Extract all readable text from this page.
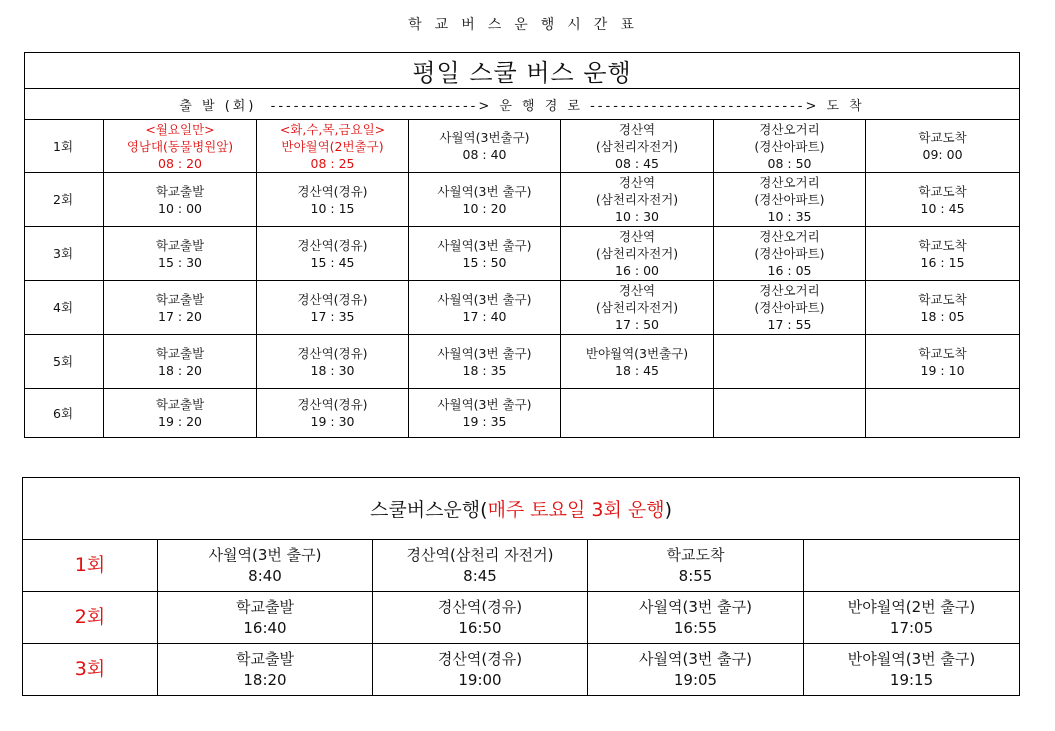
학교버스운행시간표
평일 스쿨 버스 운행						
출 발 (회)  ---------------------------> 운 행 경 로 ----------------------------> 도 착						
1회	<월요일만>
영남대(동물병원앞)
08 : 20	<화,수,목,금요일>
반야월역(2번출구)
08 : 25	사월역(3번출구)
08 : 40	경산역
(삼천리자전거)
08 : 45	경산오거리
(경산아파트)
08 : 50	학교도착
09: 00

2회	학교출발
10 : 00	경산역(경유)
10 : 15	사월역(3번 출구)
10 : 20	경산역
(삼천리자전거)
10 : 30	경산오거리
(경산아파트)
10 : 35	학교도착
10 : 45

3회	학교출발
15 : 30	경산역(경유)
15 : 45	사월역(3번 출구)
15 : 50	경산역
(삼천리자전거)
16 : 00	경산오거리
(경산아파트)
16 : 05	학교도착
16 : 15

4회	학교출발
17 : 20	경산역(경유)
17 : 35	사월역(3번 출구)
17 : 40	경산역
(삼천리자전거)
17 : 50	경산오거리
(경산아파트)
17 : 55	학교도착
18 : 05

5회	학교출발
18 : 20	경산역(경유)
18 : 30	사월역(3번 출구)
18 : 35	반야월역(3번출구)
18 : 45		학교도착
19 : 10

6회	학교출발
19 : 20	경산역(경유)
19 : 30	사월역(3번 출구)
19 : 35			

스쿨버스운행(매주 토요일 3회 운행)				
1회	사월역(3번 출구)
8:40	경산역(삼천리 자전거)
8:45	학교도착
8:55	

2회	학교출발
16:40	경산역(경유)
16:50	사월역(3번 출구)
16:55	반야월역(2번 출구)
17:05

3회	학교출발
18:20	경산역(경유)
19:00	사월역(3번 출구)
19:05	반야월역(3번 출구)
19:15
